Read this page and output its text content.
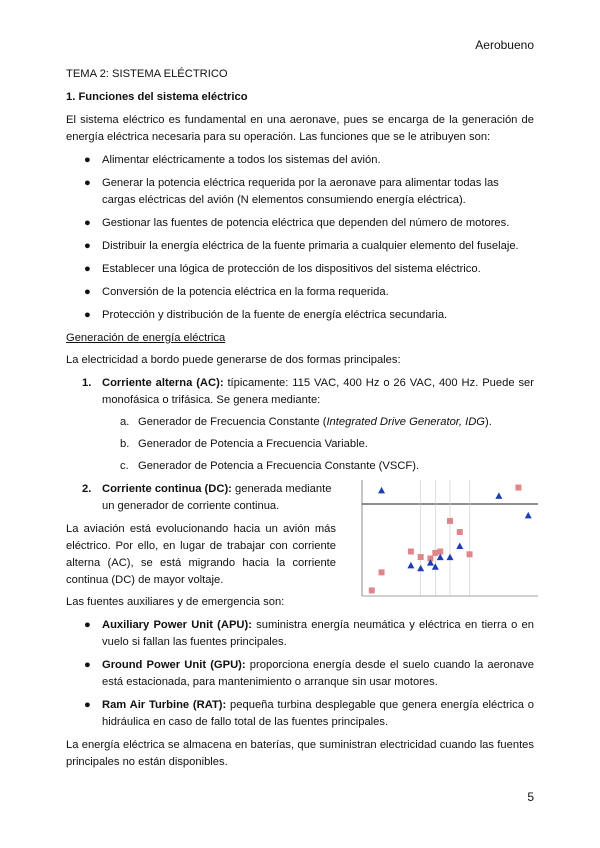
Aerobueno

TEMA 2: SISTEMA ELÉCTRICO

1. Funciones del sistema eléctrico

El sistema eléctrico es fundamental en una aeronave, pues se encarga de la generación de energía eléctrica necesaria para su operación. Las funciones que se le atribuyen son:

● Alimentar eléctricamente a todos los sistemas del avión.
● Generar la potencia eléctrica requerida por la aeronave para alimentar todas las cargas eléctricas del avión (N elementos consumiendo energía eléctrica).
● Gestionar las fuentes de potencia eléctrica que dependen del número de motores.
● Distribuir la energía eléctrica de la fuente primaria a cualquier elemento del fuselaje.
● Establecer una lógica de protección de los dispositivos del sistema eléctrico.
● Conversión de la potencia eléctrica en la forma requerida.
● Protección y distribución de la fuente de energía eléctrica secundaria.

Generación de energía eléctrica

La electricidad a bordo puede generarse de dos formas principales:

1. Corriente alterna (AC): típicamente: 115 VAC, 400 Hz o 26 VAC, 400 Hz. Puede ser monofásica o trifásica. Se genera mediante:
a. Generador de Frecuencia Constante (Integrated Drive Generator, IDG).
b. Generador de Potencia a Frecuencia Variable.
c. Generador de Potencia a Frecuencia Constante (VSCF).
2. Corriente continua (DC): generada mediante un generador de corriente continua.

La aviación está evolucionando hacia un avión más eléctrico. Por ello, en lugar de trabajar con corriente alterna (AC), se está migrando hacia la corriente continua (DC) de mayor voltaje.

Las fuentes auxiliares y de emergencia son:

● Auxiliary Power Unit (APU): suministra energía neumática y eléctrica en tierra o en vuelo si fallan las fuentes principales.
● Ground Power Unit (GPU): proporciona energía desde el suelo cuando la aeronave está estacionada, para mantenimiento o arranque sin usar motores.
● Ram Air Turbine (RAT): pequeña turbina desplegable que genera energía eléctrica o hidráulica en caso de fallo total de las fuentes principales.

La energía eléctrica se almacena en baterías, que suministran electricidad cuando las fuentes principales no están disponibles.

5
